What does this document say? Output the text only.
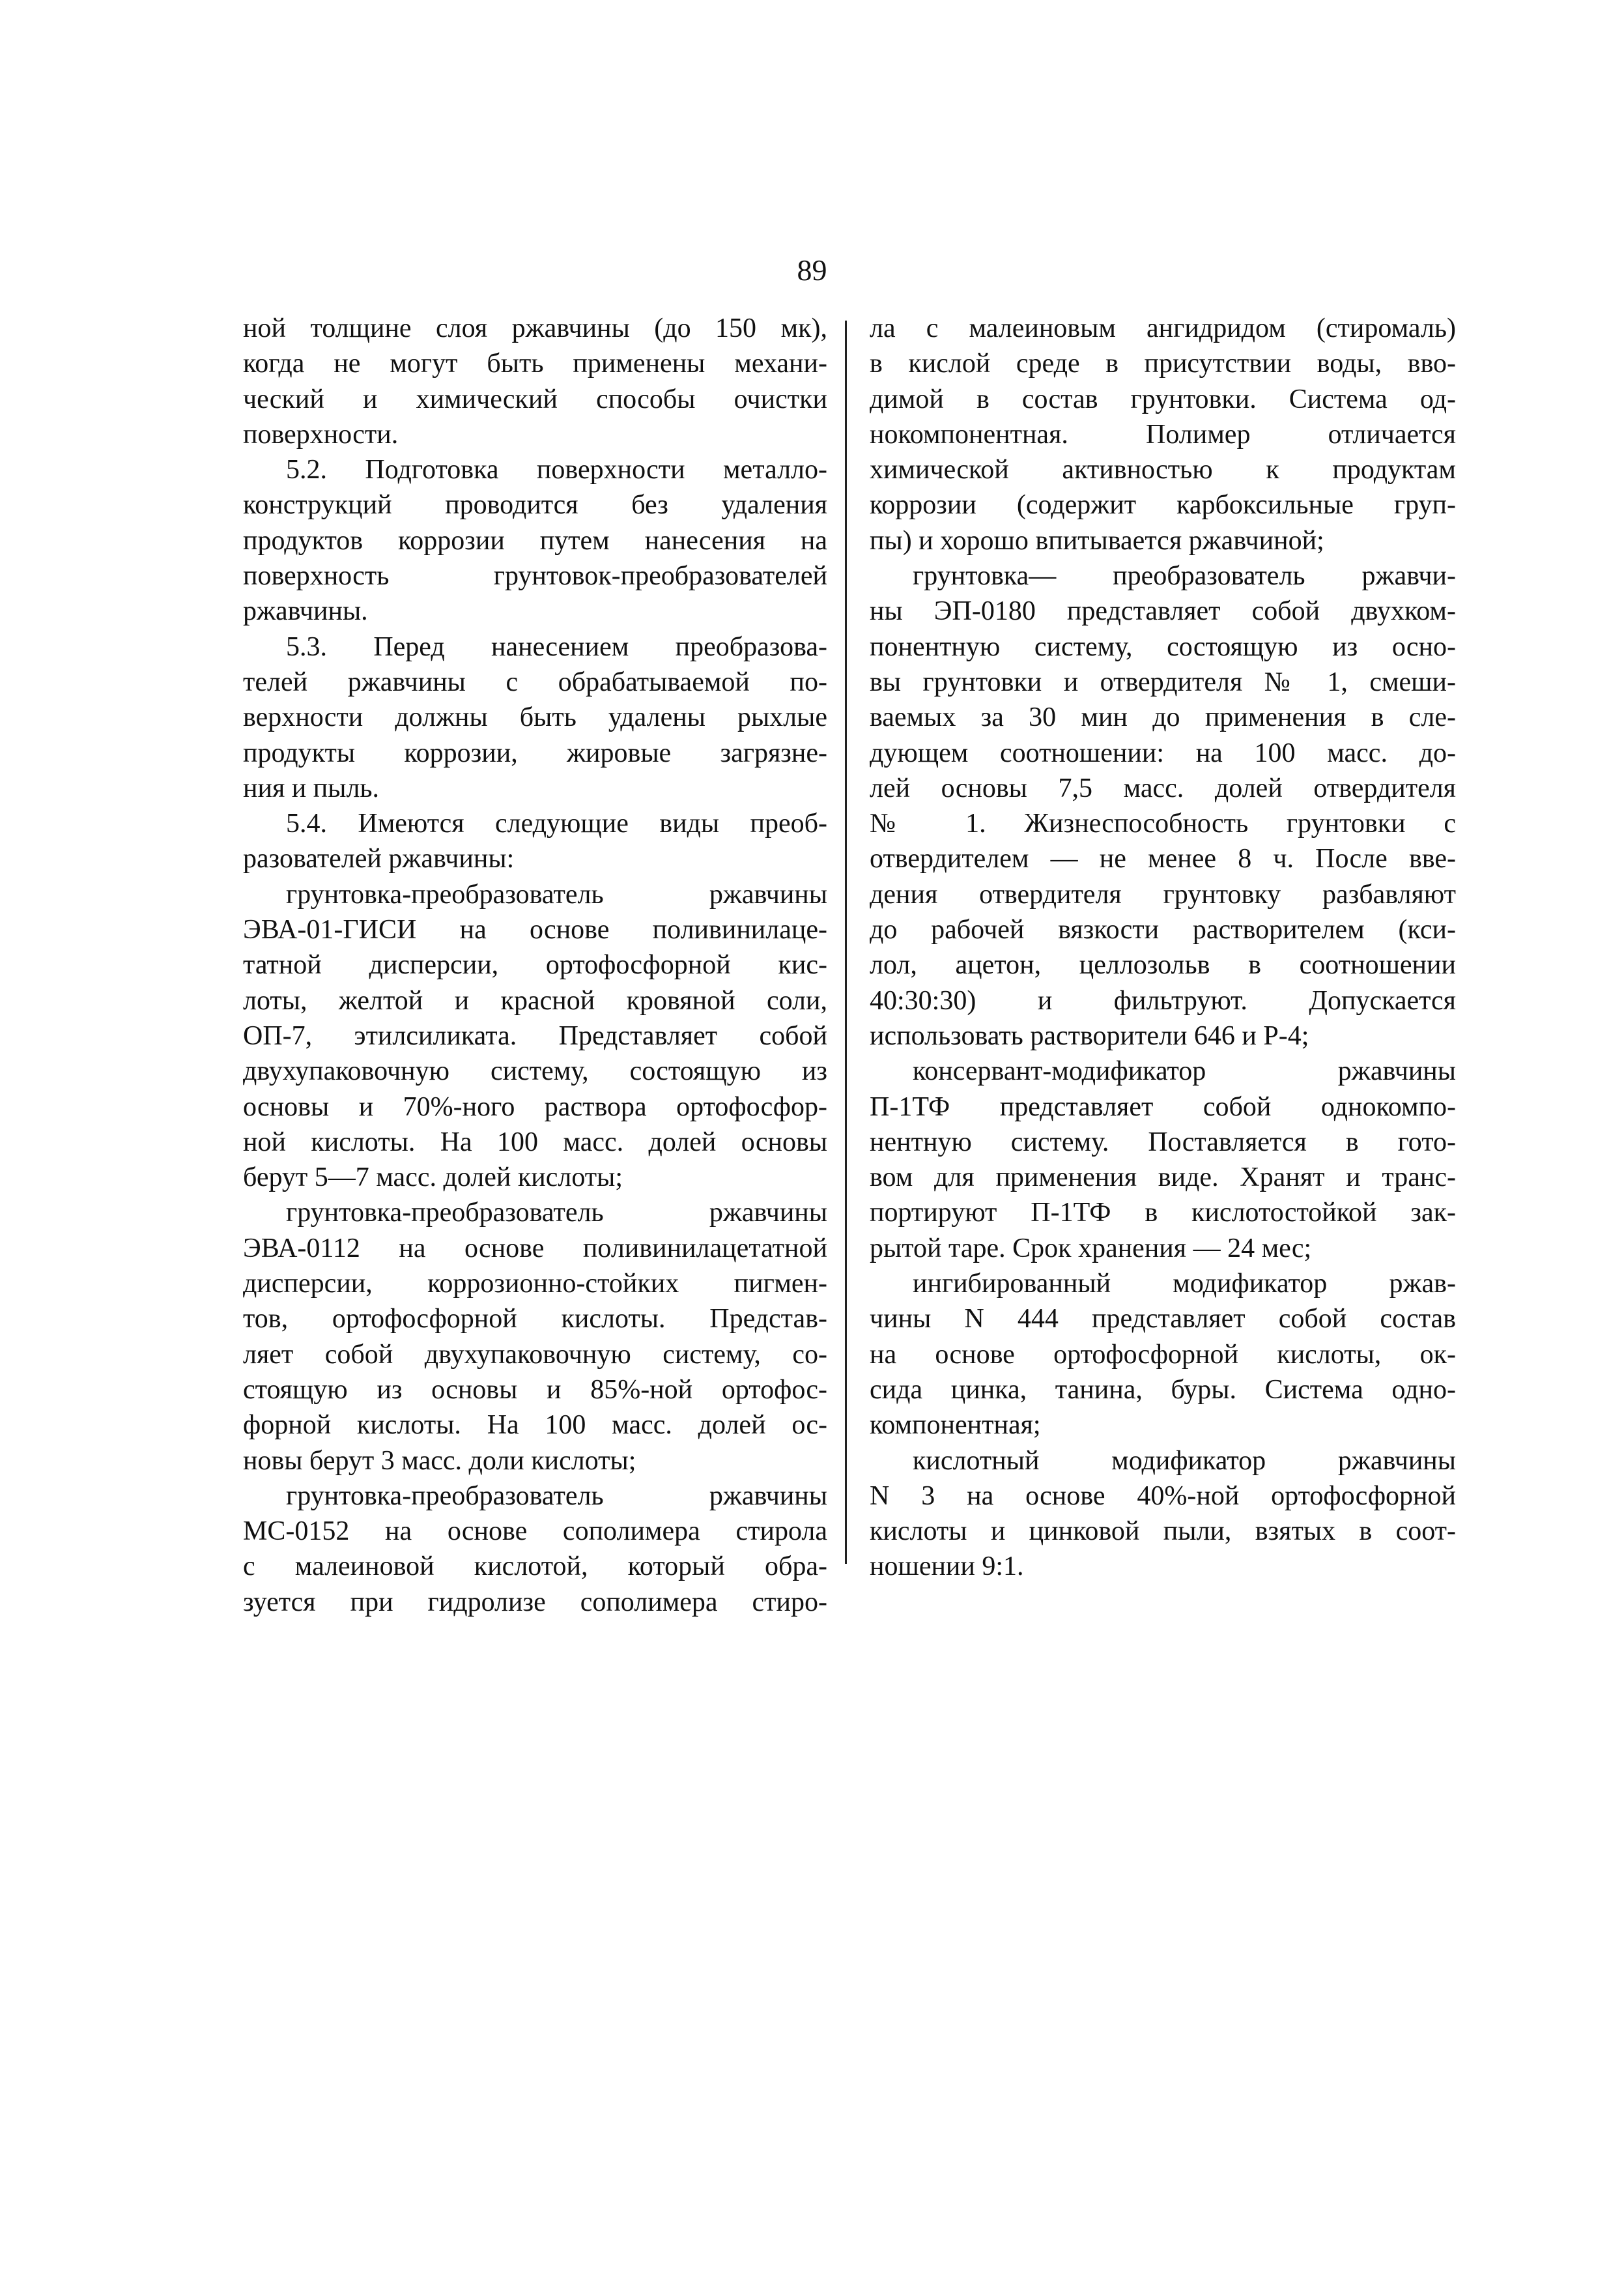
89
ной толщине слоя ржавчины (до 150 мк),
когда не могут быть применены механи-
ческий и химический способы очистки
поверхности.
5.2. Подготовка поверхности металло-
конструкций проводится без удаления
продуктов коррозии путем нанесения на
поверхность грунтовок-преобразователей
ржавчины.
5.3. Перед нанесением преобразова-
телей ржавчины с обрабатываемой по-
верхности должны быть удалены рыхлые
продукты коррозии, жировые загрязне-
ния и пыль.
5.4. Имеются следующие виды преоб-
разователей ржавчины:
грунтовка-преобразователь ржавчины
ЭВА-01-ГИСИ на основе поливинилаце-
татной дисперсии, ортофосфорной кис-
лоты, желтой и красной кровяной соли,
ОП-7, этилсиликата. Представляет собой
двухупаковочную систему, состоящую из
основы и 70%-ного раствора ортофосфор-
ной кислоты. На 100 масс. долей основы
берут 5—7 масс. долей кислоты;
грунтовка-преобразователь ржавчины
ЭВА-0112 на основе поливинилацетатной
дисперсии, коррозионно-стойких пигмен-
тов, ортофосфорной кислоты. Представ-
ляет собой двухупаковочную систему, со-
стоящую из основы и 85%-ной ортофос-
форной кислоты. На 100 масс. долей ос-
новы берут 3 масс. доли кислоты;
грунтовка-преобразователь ржавчины
МС-0152 на основе сополимера стирола
с малеиновой кислотой, который обра-
зуется при гидролизе сополимера стиро-
ла с малеиновым ангидридом (стиромаль)
в кислой среде в присутствии воды, вво-
димой в состав грунтовки. Система од-
нокомпонентная. Полимер отличается
химической активностью к продуктам
коррозии (содержит карбоксильные груп-
пы) и хорошо впитывается ржавчиной;
грунтовка— преобразователь ржавчи-
ны ЭП-0180 представляет собой двухком-
понентную систему, состоящую из осно-
вы грунтовки и отвердителя № 1, смеши-
ваемых за 30 мин до применения в сле-
дующем соотношении: на 100 масс. до-
лей основы 7,5 масс. долей отвердителя
№ 1. Жизнеспособность грунтовки с
отвердителем — не менее 8 ч. После вве-
дения отвердителя грунтовку разбавляют
до рабочей вязкости растворителем (кси-
лол, ацетон, целлозольв в соотношении
40:30:30) и фильтруют. Допускается
использовать растворители 646 и Р-4;
консервант-модификатор ржавчины
П-1ТФ представляет собой однокомпо-
нентную систему. Поставляется в гото-
вом для применения виде. Хранят и транс-
портируют П-1ТФ в кислотостойкой зак-
рытой таре. Срок хранения — 24 мес;
ингибированный модификатор ржав-
чины N 444 представляет собой состав
на основе ортофосфорной кислоты, ок-
сида цинка, танина, буры. Система одно-
компонентная;
кислотный модификатор ржавчины
N 3 на основе 40%-ной ортофосфорной
кислоты и цинковой пыли, взятых в соот-
ношении 9:1.
